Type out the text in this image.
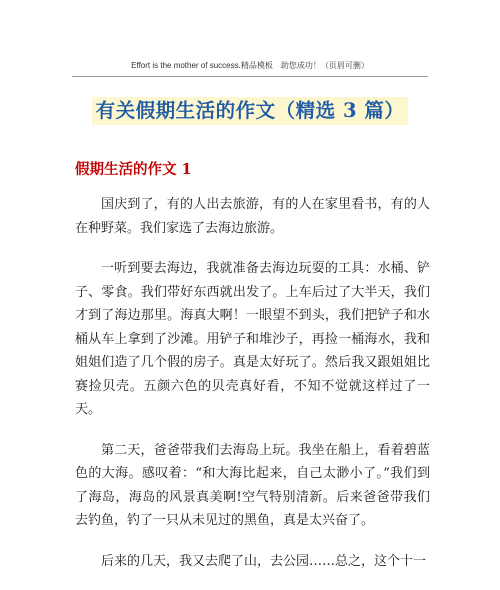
Effort is the mother of success.精品模板　助您成功！（页眉可删）
有关假期生活的作文（精选 3 篇）
假期生活的作文 1

国庆到了，有的人出去旅游，有的人在家里看书，有的人在种野菜。我们家选了去海边旅游。

一听到要去海边，我就准备去海边玩耍的工具：水桶、铲子、零食。我们带好东西就出发了。上车后过了大半天，我们才到了海边那里。海真大啊！一眼望不到头，我们把铲子和水桶从车上拿到了沙滩。用铲子和堆沙子，再捡一桶海水，我和姐姐们造了几个假的房子。真是太好玩了。然后我又跟姐姐比赛捡贝壳。五颜六色的贝壳真好看，不知不觉就这样过了一天。

第二天，爸爸带我们去海岛上玩。我坐在船上，看着碧蓝色的大海。感叹着：“和大海比起来，自己太渺小了。”我们到了海岛，海岛的风景真美啊!空气特别清新。后来爸爸带我们去钓鱼，钓了一只从未见过的黑鱼，真是太兴奋了。

后来的几天，我又去爬了山，去公园……总之，这个十一
